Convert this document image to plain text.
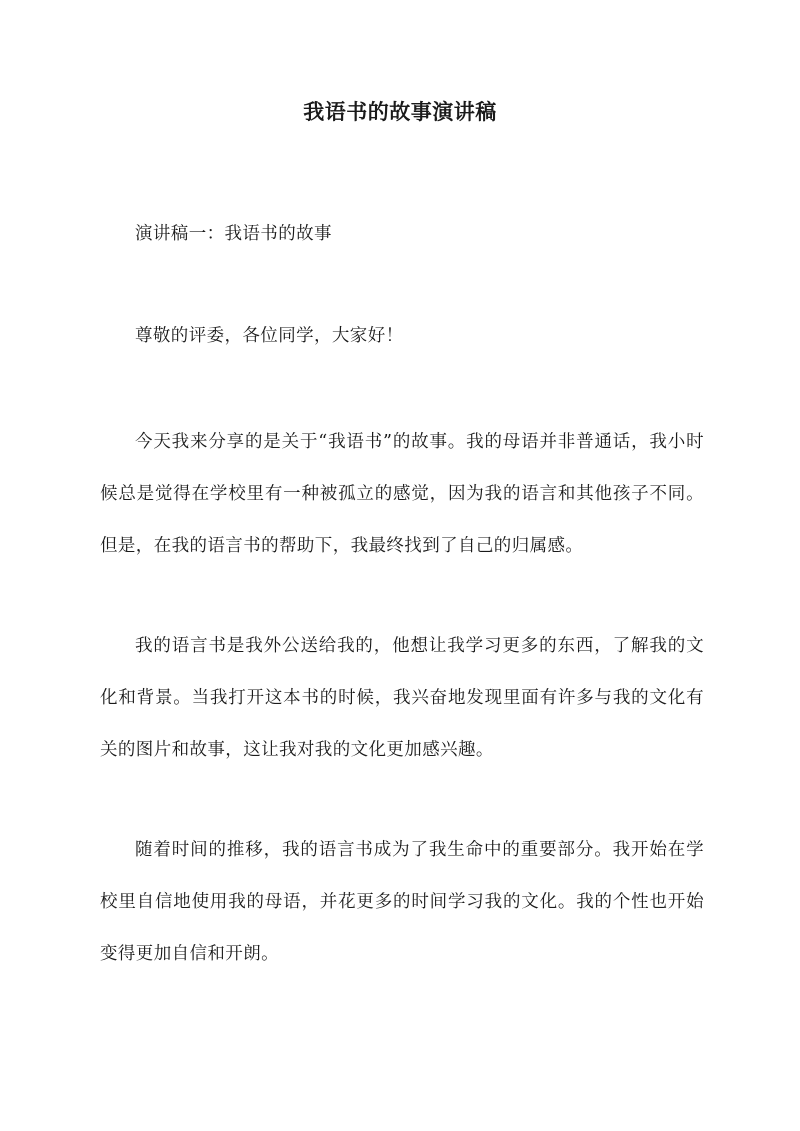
我语书的故事演讲稿

演讲稿一：我语书的故事

尊敬的评委，各位同学，大家好！

今天我来分享的是关于“我语书”的故事。我的母语并非普通话，我小时候总是觉得在学校里有一种被孤立的感觉，因为我的语言和其他孩子不同。但是，在我的语言书的帮助下，我最终找到了自己的归属感。

我的语言书是我外公送给我的，他想让我学习更多的东西，了解我的文化和背景。当我打开这本书的时候，我兴奋地发现里面有许多与我的文化有关的图片和故事，这让我对我的文化更加感兴趣。

随着时间的推移，我的语言书成为了我生命中的重要部分。我开始在学校里自信地使用我的母语，并花更多的时间学习我的文化。我的个性也开始变得更加自信和开朗。
